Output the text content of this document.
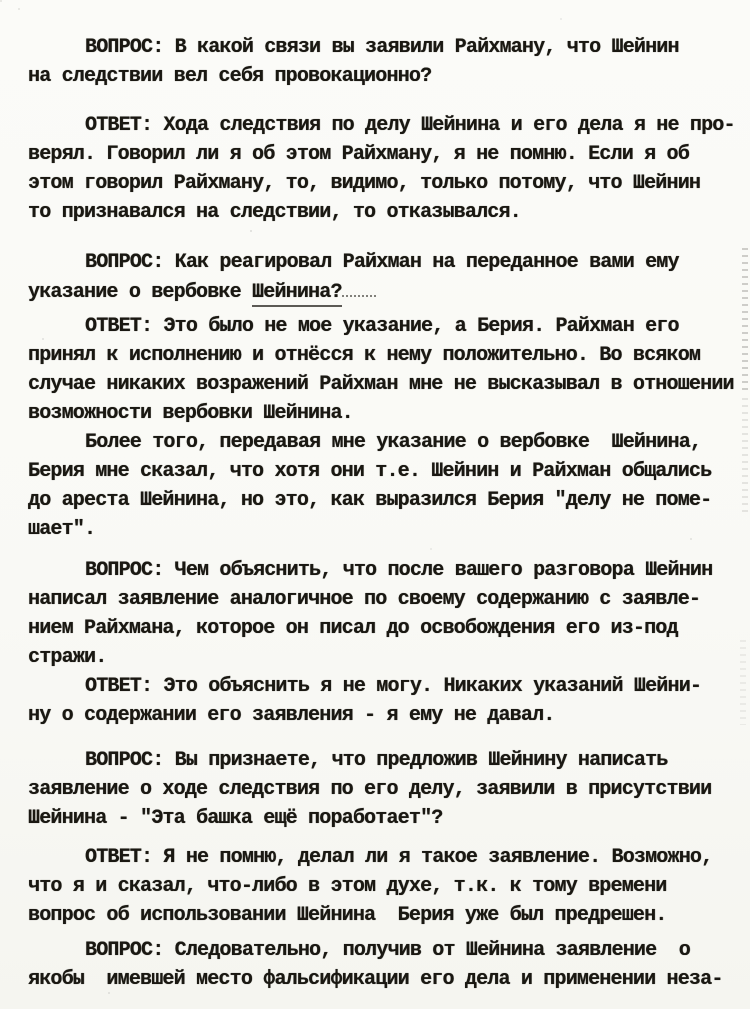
ВОПРОС: В какой связи вы заявили Райхману, что Шейнин
на следствии вел себя провокационно?
ОТВЕТ: Хода следствия по делу Шейнина и его дела я не про-
верял. Говорил ли я об этом Райхману, я не помню. Если я об
этом говорил Райхману, то, видимо, только потому, что Шейнин
то признавался на следствии, то отказывался.
ВОПРОС: Как реагировал Райхман на переданное вами ему
указание о вербовке Шейнина?
ОТВЕТ: Это было не мое указание, а Берия. Райхман его
принял к исполнению и отнёсся к нему положительно. Во всяком
случае никаких возражений Райхман мне не высказывал в отношении
возможности вербовки Шейнина.
Более того, передавая мне указание о вербовке  Шейнина,
Берия мне сказал, что хотя они т.е. Шейнин и Райхман общались
до ареста Шейнина, но это, как выразился Берия "делу не поме-
шает".
ВОПРОС: Чем объяснить, что после вашего разговора Шейнин
написал заявление аналогичное по своему содержанию с заявле-
нием Райхмана, которое он писал до освобождения его из-под
стражи.
ОТВЕТ: Это объяснить я не могу. Никаких указаний Шейни-
ну о содержании его заявления - я ему не давал.
ВОПРОС: Вы признаете, что предложив Шейнину написать
заявление о ходе следствия по его делу, заявили в присутствии
Шейнина - "Эта башка ещё поработает"?
ОТВЕТ: Я не помню, делал ли я такое заявление. Возможно,
что я и сказал, что-либо в этом духе, т.к. к тому времени
вопрос об использовании Шейнина  Берия уже был предрешен.
ВОПРОС: Следовательно, получив от Шейнина заявление  о
якобы  имевшей место фальсификации его дела и применении неза-
